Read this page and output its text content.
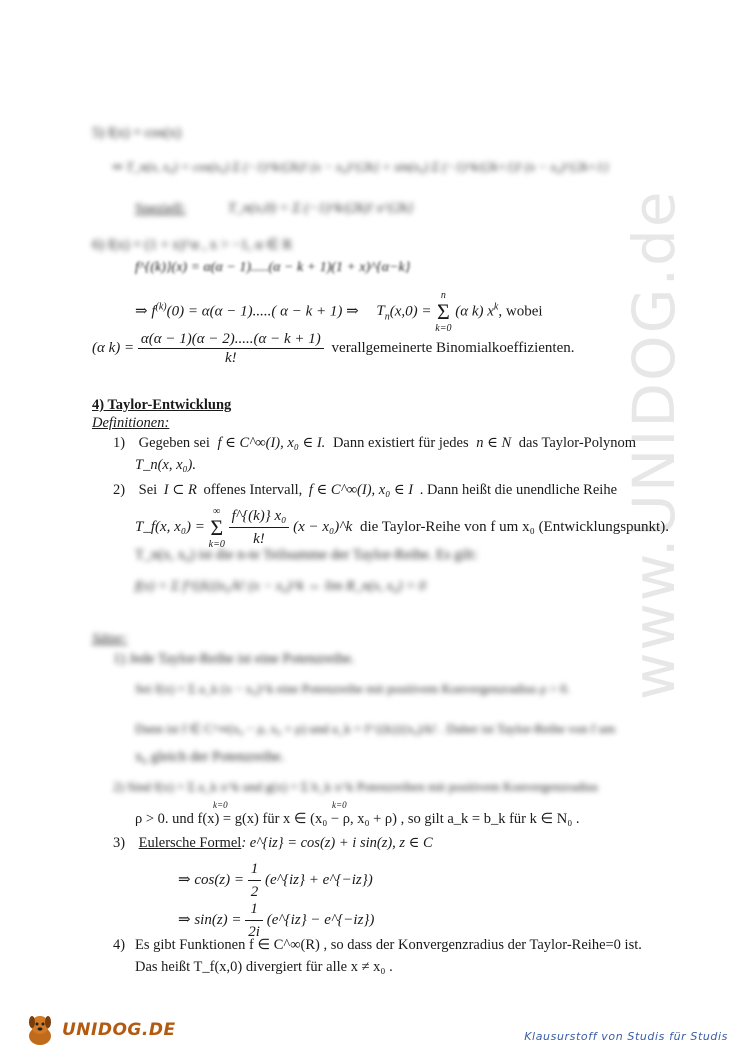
www.UNIDOG.de
5) f(x) = cos(x)
⇒ T_n(x, x₀) = cos(x₀) Σ (−1)^k/(2k)! (x − x₀)^{2k} + sin(x₀) Σ (−1)^k/(2k+1)! (x − x₀)^{2k+1}
Speziell:	T_n(x,0) = Σ (−1)^k/(2k)! x^{2k}
6) f(x) = (1 + x)^α , x > −1, α ∈ R
f^{(k)}(x) = α(α − 1).....(α − k + 1)(1 + x)^{α−k}
⇒ $f^{(k)}(0) = \alpha(\alpha - 1)$.....( α − k + 1) ⇒ $T_n(x,0) = n$
Σ
k=0 (α k) $x^k$, wobei
(α $k) = \frac{\alpha(\alpha - 1)(\alpha - 2).....(\alpha - k + 1)}{k!}$ verallgemeinerte Binomialkoeffizienten.
4) Taylor-Entwicklung
Definitionen:
1) Gegeben sei f ∈ C^∞(I), x₀ ∈ I. Dann existiert für jedes n ∈ N das Taylor-Polynom
T_n(x, x₀).
2) Sei I ⊂ R offenes Intervall, f ∈ C^∞(I), x₀ ∈ I . Dann heißt die unendliche Reihe
T_f(x, x₀) = ∞
Σ
$k=0 \frac{\text{f\textasciicircum{}\{(k)\} x₀}}{k!} (x$ − x₀)^k die Taylor-Reihe von f um x₀ (Entwicklungspunkt).
T_n(x, x₀) ist die n-te Teilsumme der Taylor-Reihe. Es gilt:
f(x) = Σ f^{(k)}x₀/k! (x − x₀)^k ⇔ lim R_n(x, x₀) = 0
Sätze:
1) Jede Taylor-Reihe ist eine Potenzreihe.
Sei f(x) = Σ a_k (x − x₀)^k eine Potenzreihe mit positivem Konvergenzradius ρ > 0.
Dann ist f ∈ C^∞(x₀ − ρ, x₀ + ρ) und a_k = f^{(k)}(x₀)/k! . Daher ist Taylor-Reihe von f um
x₀ gleich der Potenzreihe.
2) Sind f(x) = Σ a_k x^k und g(x) = Σ b_k x^k Potenzreihen mit positivem Konvergenzradius
k=0	k=0
ρ > 0. und f(x) = g(x) für x ∈ (x₀ − ρ, x₀ + ρ) , so gilt a_k = b_k für k ∈ N₀ .
3) Eulersche Formel: e^{iz} = cos(z) + i sin(z), z ∈ C
⇒ $\cos(z) = \frac{1}{2}$ (e^{iz} + e^{−iz})
⇒ $\sin(z) = \frac{1}{2i}$ (e^{iz} − e^{−iz})
4) Es gibt Funktionen f ∈ C^∞(R) , so dass der Konvergenzradius der Taylor-Reihe=0 ist.
Das heißt T_f(x,0) divergiert für alle x ≠ x₀ .
UNIDOG.DE	Klausurstoff von Studis für Studis
